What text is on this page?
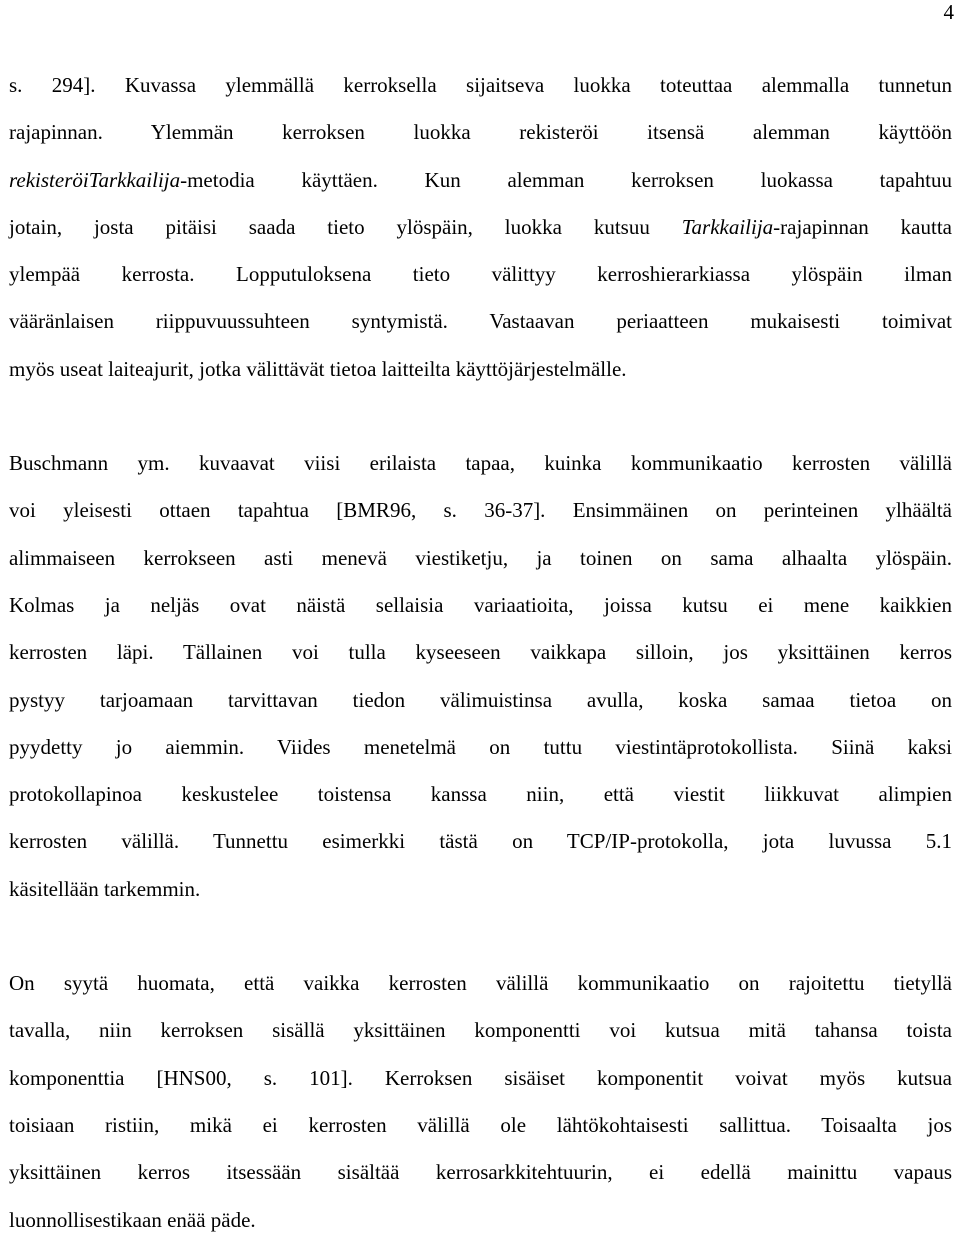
4

s. 294]. Kuvassa ylemmällä kerroksella sijaitseva luokka toteuttaa alemmalla tunnetun
rajapinnan. Ylemmän kerroksen luokka rekisteröi itsensä alemman käyttöön
rekisteröiTarkkailija-metodia käyttäen. Kun alemman kerroksen luokassa tapahtuu
jotain, josta pitäisi saada tieto ylöspäin, luokka kutsuu Tarkkailija-rajapinnan kautta
ylempää kerrosta. Lopputuloksena tieto välittyy kerroshierarkiassa ylöspäin ilman
vääränlaisen riippuvuussuhteen syntymistä. Vastaavan periaatteen mukaisesti toimivat
myös useat laiteajurit, jotka välittävät tietoa laitteilta käyttöjärjestelmälle.

Buschmann ym. kuvaavat viisi erilaista tapaa, kuinka kommunikaatio kerrosten välillä
voi yleisesti ottaen tapahtua [BMR96, s. 36-37]. Ensimmäinen on perinteinen ylhäältä
alimmaiseen kerrokseen asti menevä viestiketju, ja toinen on sama alhaalta ylöspäin.
Kolmas ja neljäs ovat näistä sellaisia variaatioita, joissa kutsu ei mene kaikkien
kerrosten läpi. Tällainen voi tulla kyseeseen vaikkapa silloin, jos yksittäinen kerros
pystyy tarjoamaan tarvittavan tiedon välimuistinsa avulla, koska samaa tietoa on
pyydetty jo aiemmin. Viides menetelmä on tuttu viestintäprotokollista. Siinä kaksi
protokollapinoa keskustelee toistensa kanssa niin, että viestit liikkuvat alimpien
kerrosten välillä. Tunnettu esimerkki tästä on TCP/IP-protokolla, jota luvussa 5.1
käsitellään tarkemmin.

On syytä huomata, että vaikka kerrosten välillä kommunikaatio on rajoitettu tietyllä
tavalla, niin kerroksen sisällä yksittäinen komponentti voi kutsua mitä tahansa toista
komponenttia [HNS00, s. 101]. Kerroksen sisäiset komponentit voivat myös kutsua
toisiaan ristiin, mikä ei kerrosten välillä ole lähtökohtaisesti sallittua. Toisaalta jos
yksittäinen kerros itsessään sisältää kerrosarkkitehtuurin, ei edellä mainittu vapaus
luonnollisestikaan enää päde.
